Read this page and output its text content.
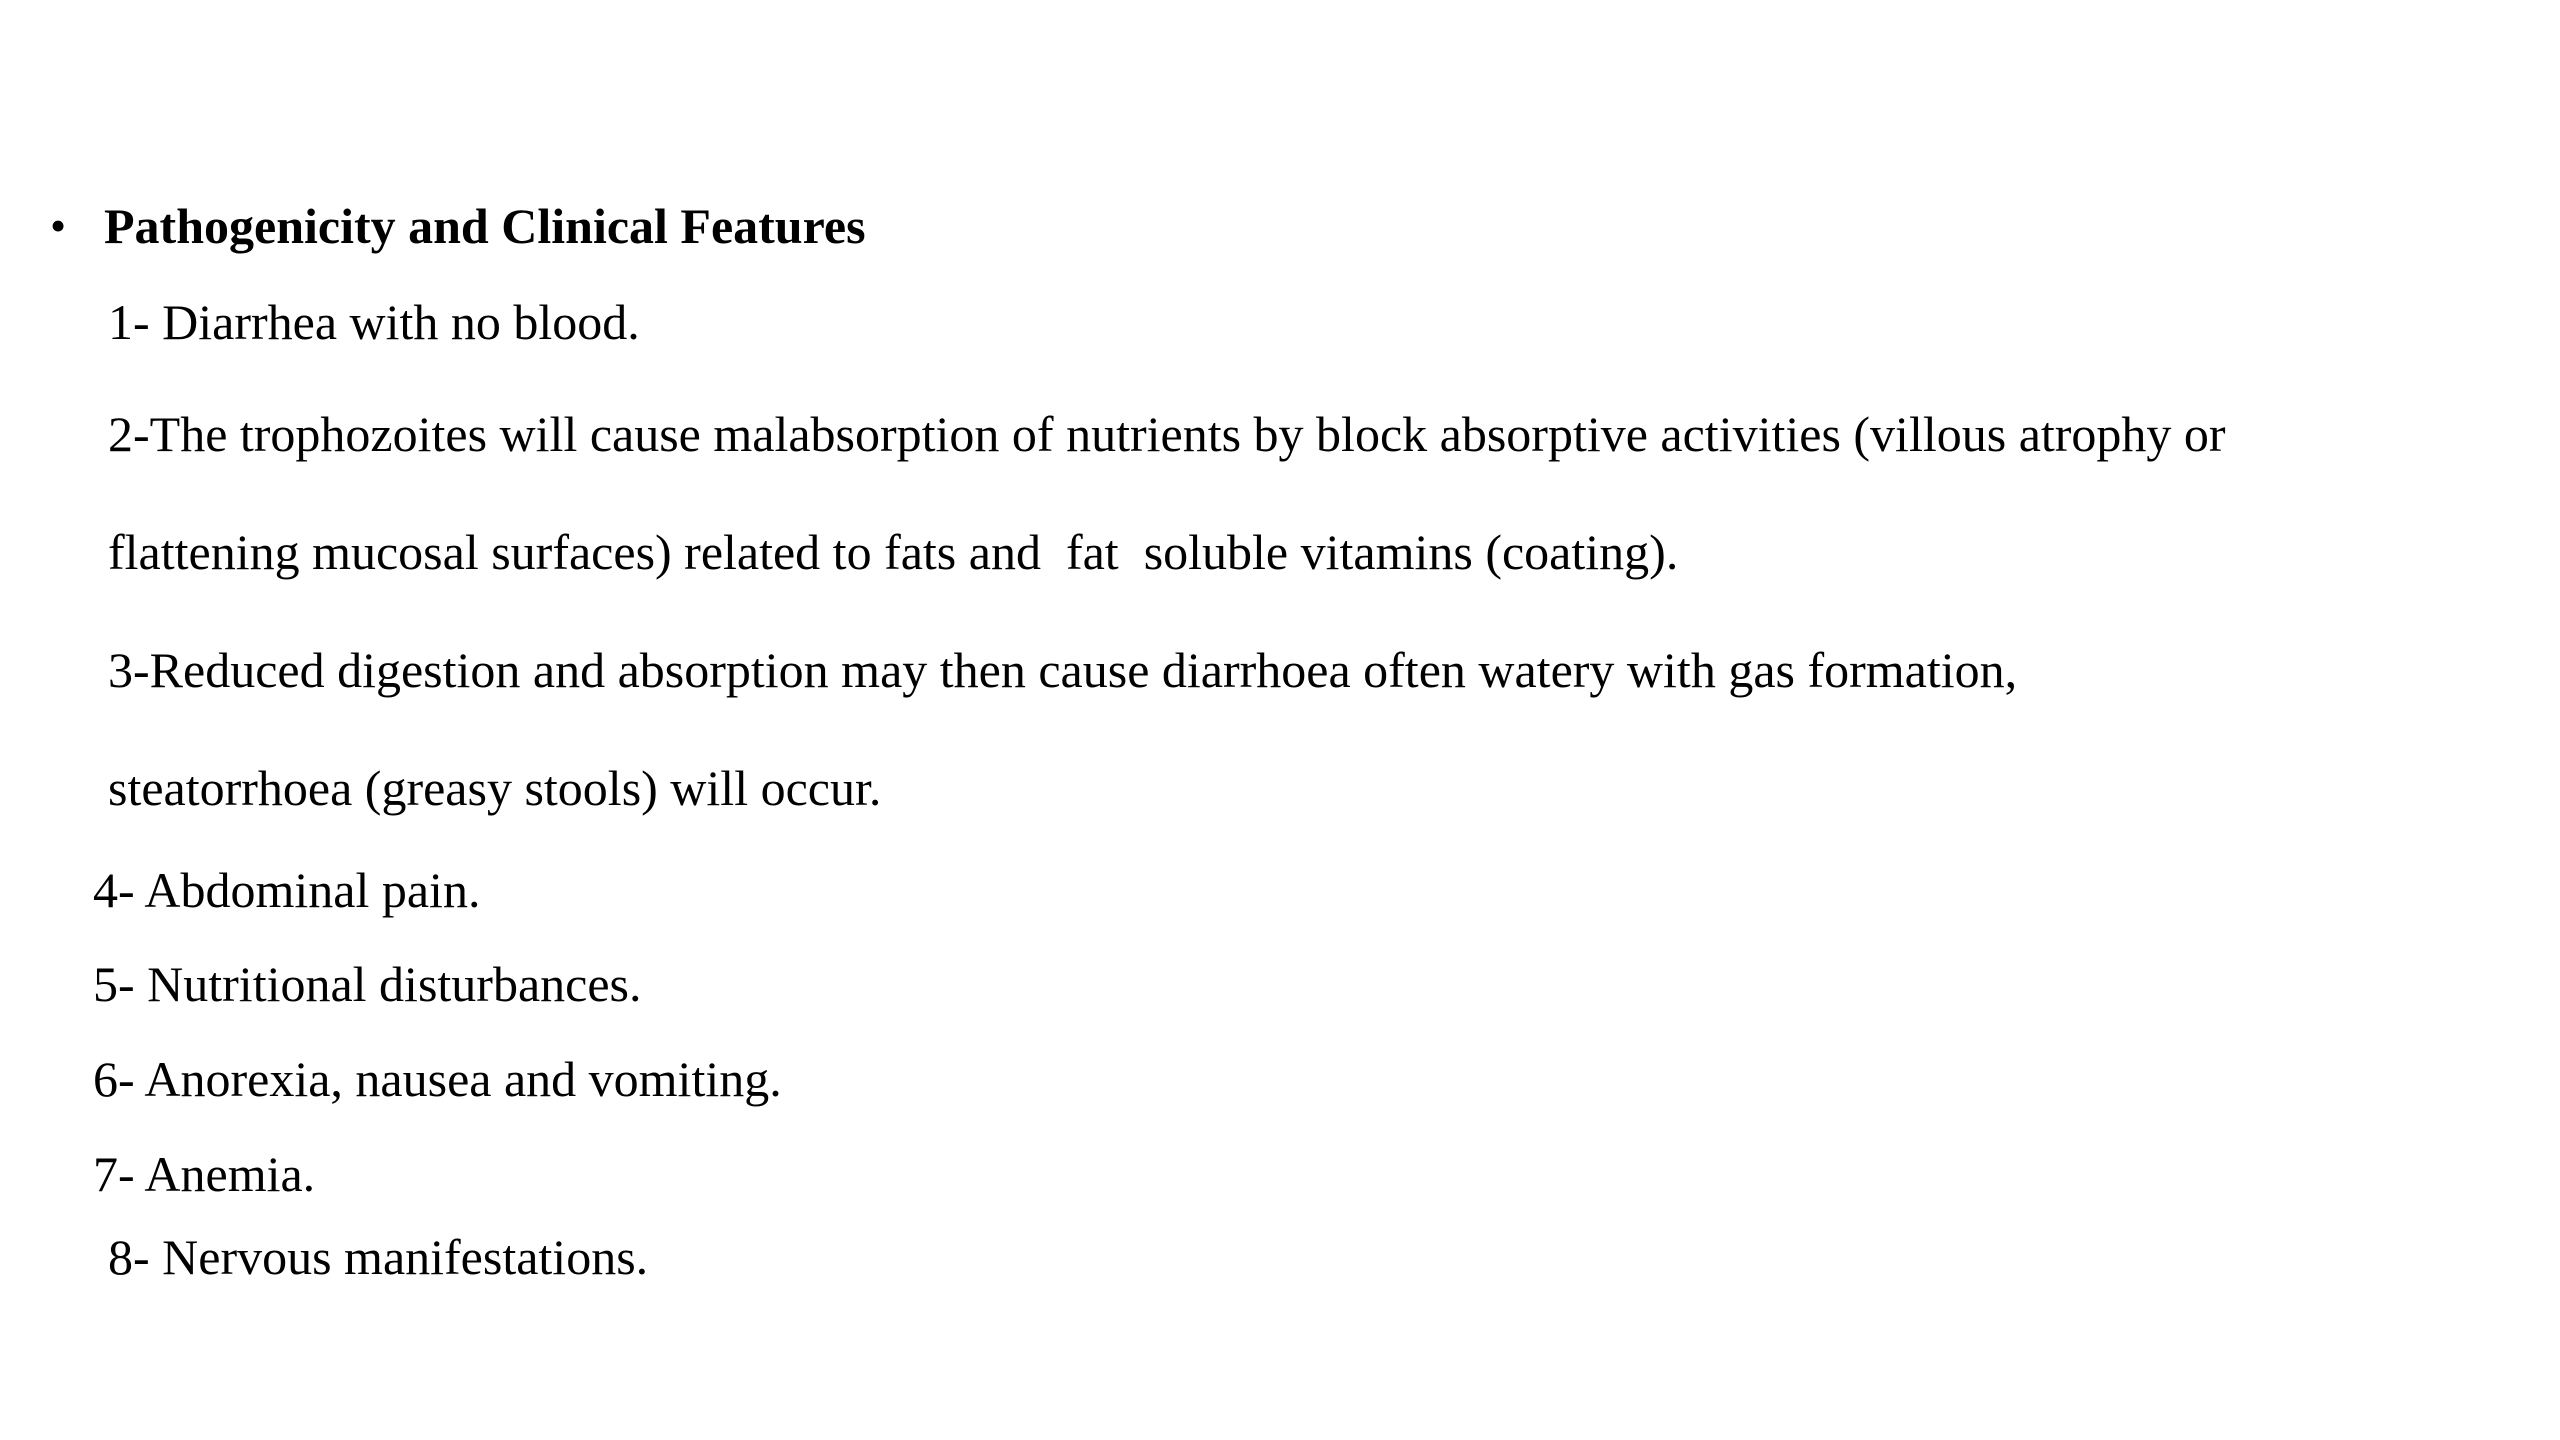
• Pathogenicity and Clinical Features
1- Diarrhea with no blood.
2-The trophozoites will cause malabsorption of nutrients by block absorptive activities (villous atrophy or
flattening mucosal surfaces) related to fats and  fat  soluble vitamins (coating).
3-Reduced digestion and absorption may then cause diarrhoea often watery with gas formation,
steatorrhoea (greasy stools) will occur.
4- Abdominal pain.
5- Nutritional disturbances.
6- Anorexia, nausea and vomiting.
7- Anemia.
8- Nervous manifestations.
